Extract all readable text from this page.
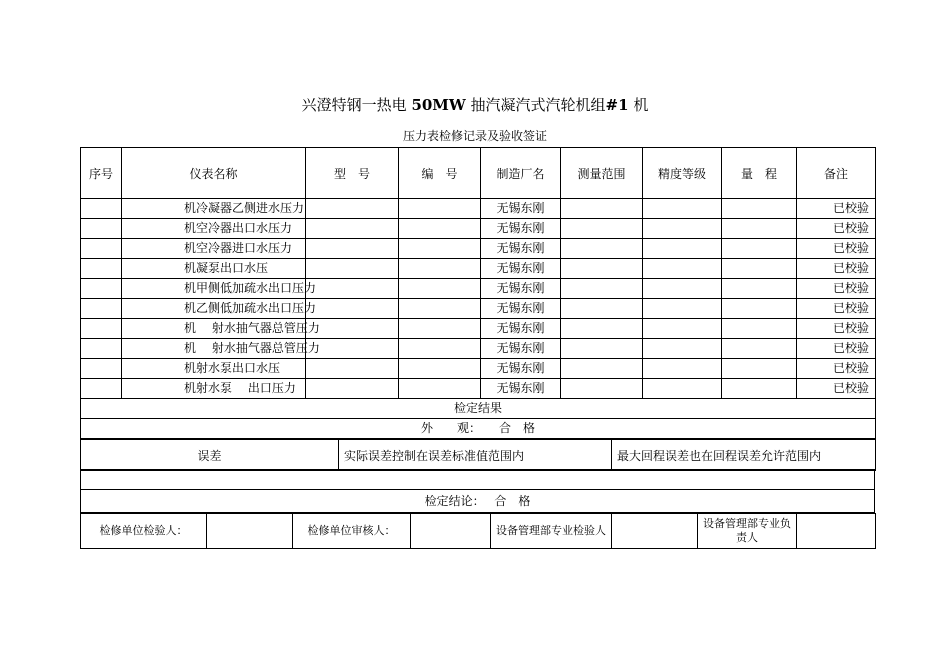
兴澄特钢一热电 50MW 抽汽凝汽式汽轮机组#1 机
压力表检修记录及验收签证
序号	仪表名称	型　号	编　号	制造厂名	测量范围	精度等级	量　程	备注
	机冷凝器乙侧进水压力			无锡东刚				已校验
	机空冷器出口水压力			无锡东刚				已校验
	机空冷器进口水压力			无锡东刚				已校验
	机凝泵出口水压			无锡东刚				已校验
	机甲侧低加疏水出口压力			无锡东刚				已校验
	机乙侧低加疏水出口压力			无锡东刚				已校验
	机　 射水抽气器总管压力			无锡东刚				已校验
	机　 射水抽气器总管压力			无锡东刚				已校验
	机射水泵出口水压			无锡东刚				已校验
	机射水泵　 出口压力			无锡东刚				已校验
检定结果								
外　　观：　　合　格								
误差	实际误差控制在误差标准值范围内	最大回程误差也在回程误差允许范围内

检定结论：　 合　格
检修单位检验人：		检修单位审核人：		设备管理部专业检验人		设备管理部专业负责人	
